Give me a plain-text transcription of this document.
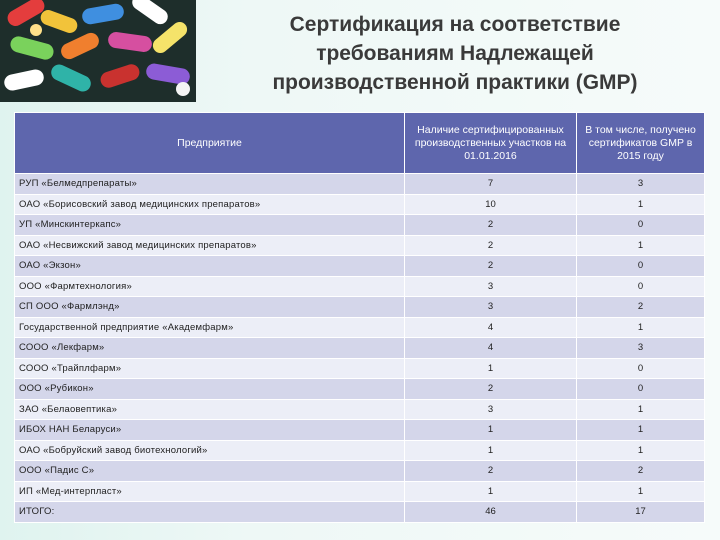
Сертификация на соответствие
требованиям Надлежащей
производственной практики (GMP)
Предприятие	Наличие сертифицированных производственных участков на 01.01.2016	В том числе, получено сертификатов GMP в 2015 году
РУП «Белмедпрепараты»	7	3
ОАО «Борисовский завод медицинских препаратов»	10	1
УП «Минскинтеркапс»	2	0
ОАО «Несвижский завод медицинских препаратов»	2	1
ОАО «Экзон»	2	0
ООО «Фармтехнология»	3	0
СП ООО «Фармлэнд»	3	2
Государственной предприятие «Академфарм»	4	1
СООО «Лекфарм»	4	3
СООО «Трайплфарм»	1	0
ООО «Рубикон»	2	0
ЗАО «Белаовептика»	3	1
ИБОХ НАН Беларуси»	1	1
ОАО «Бобруйский завод биотехнологий»	1	1
ООО «Падис С»	2	2
ИП «Мед-интерпласт»	1	1
ИТОГО:	46	17
